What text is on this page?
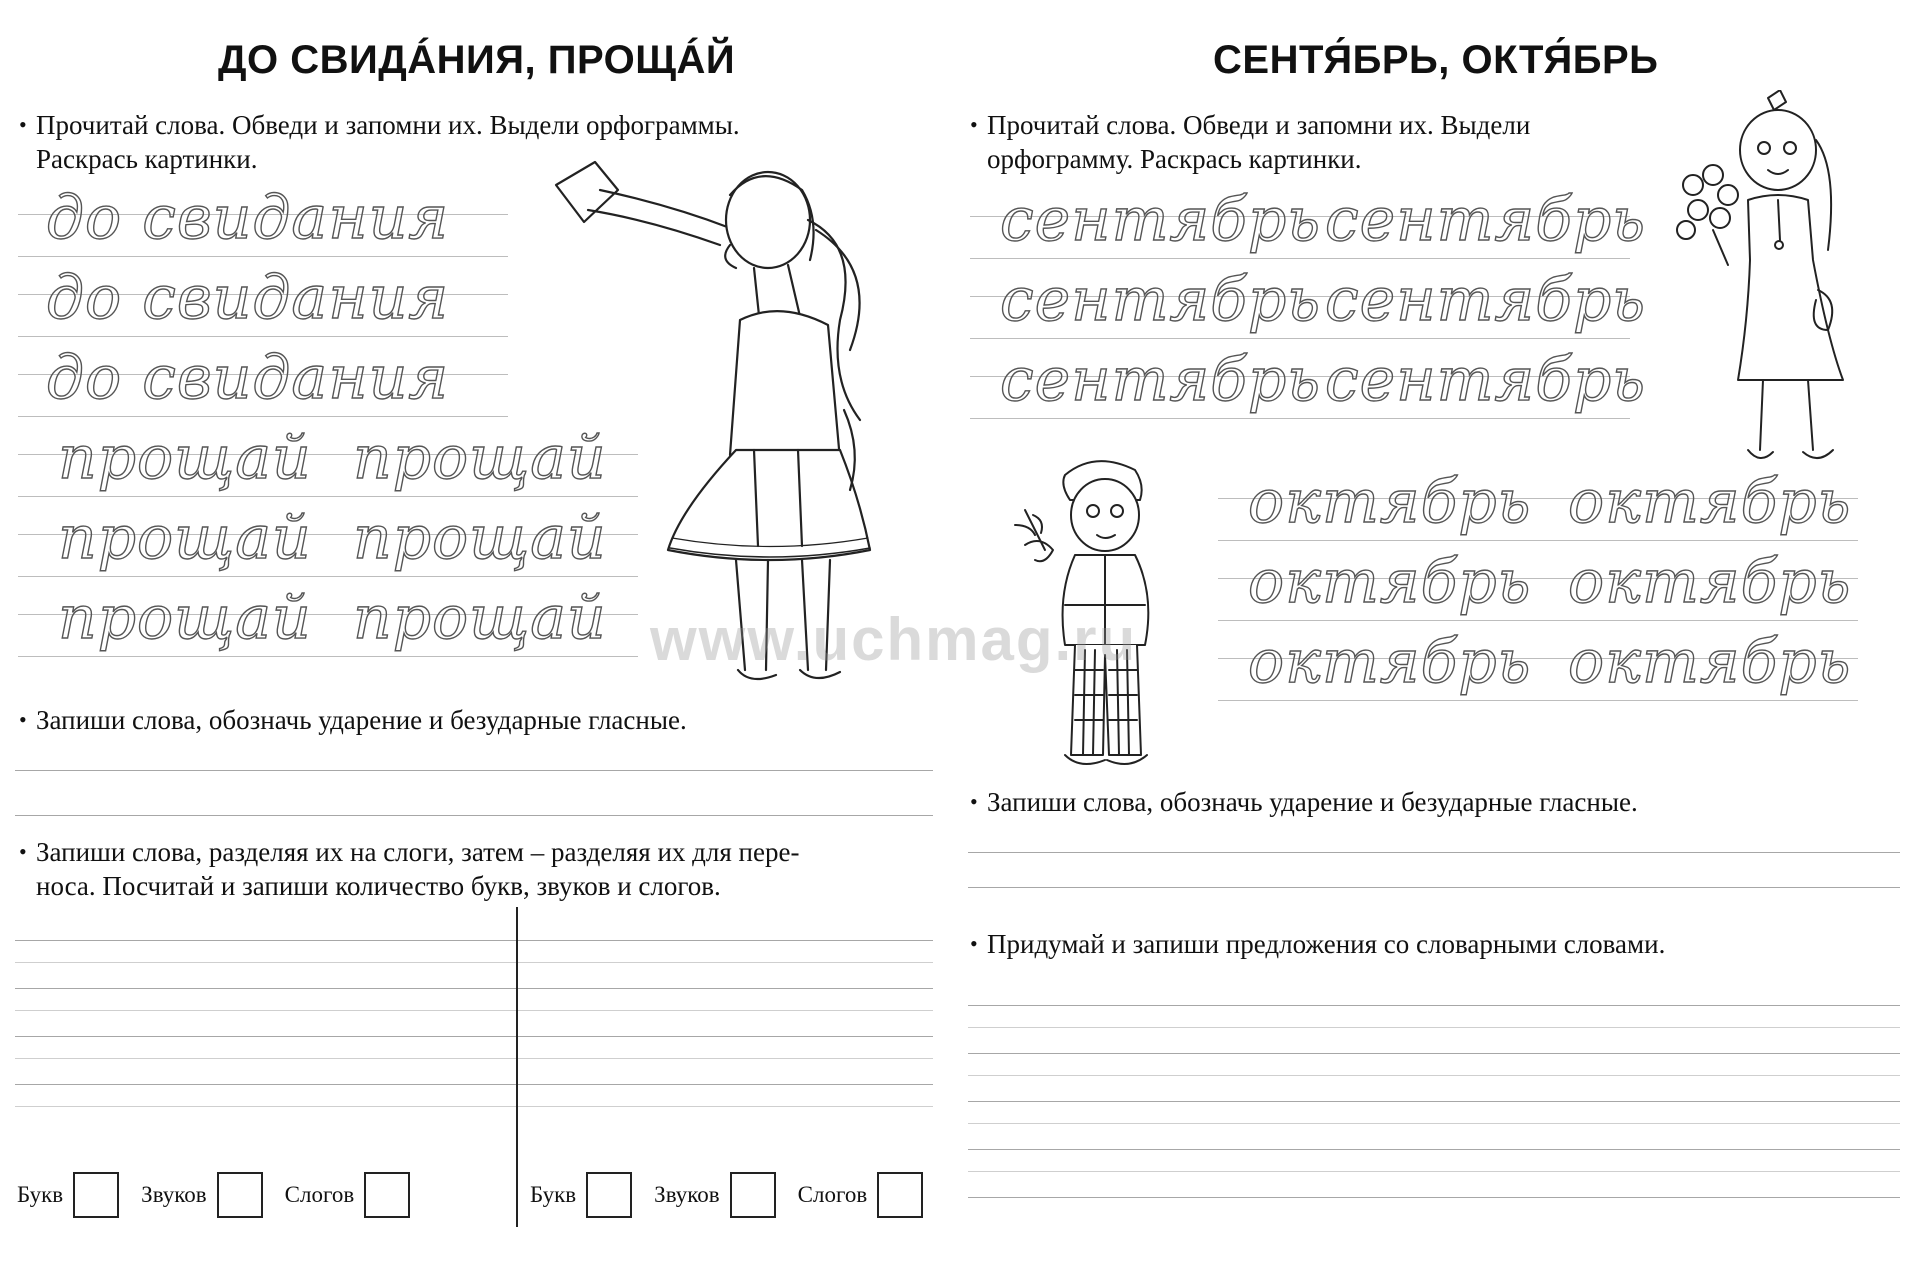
ДО СВИДÁНИЯ, ПРОЩÁЙ
• Прочитай слова. Обведи и запомни их. Выдели орфограммы.
Раскрась картинки.
до свидания
до свидания
до свидания
прощай прощай
прощай прощай
прощай прощай
• Запиши слова, обозначь ударение и безударные гласные.
• Запиши слова, разделяя их на слоги, затем – разделяя их для пере-
носа. Посчитай и запиши количество букв, звуков и слогов.
Букв	Звуков	Слогов	Букв	Звуков	Слогов
СЕНТЯ́БРЬ, ОКТЯ́БРЬ
• Прочитай слова. Обведи и запомни их. Выдели
орфограмму. Раскрась картинки.
сентябрь сентябрь
сентябрь сентябрь
сентябрь сентябрь
октябрь октябрь
октябрь октябрь
октябрь октябрь
• Запиши слова, обозначь ударение и безударные гласные.
• Придумай и запиши предложения со словарными словами.
www.uchmag.ru
